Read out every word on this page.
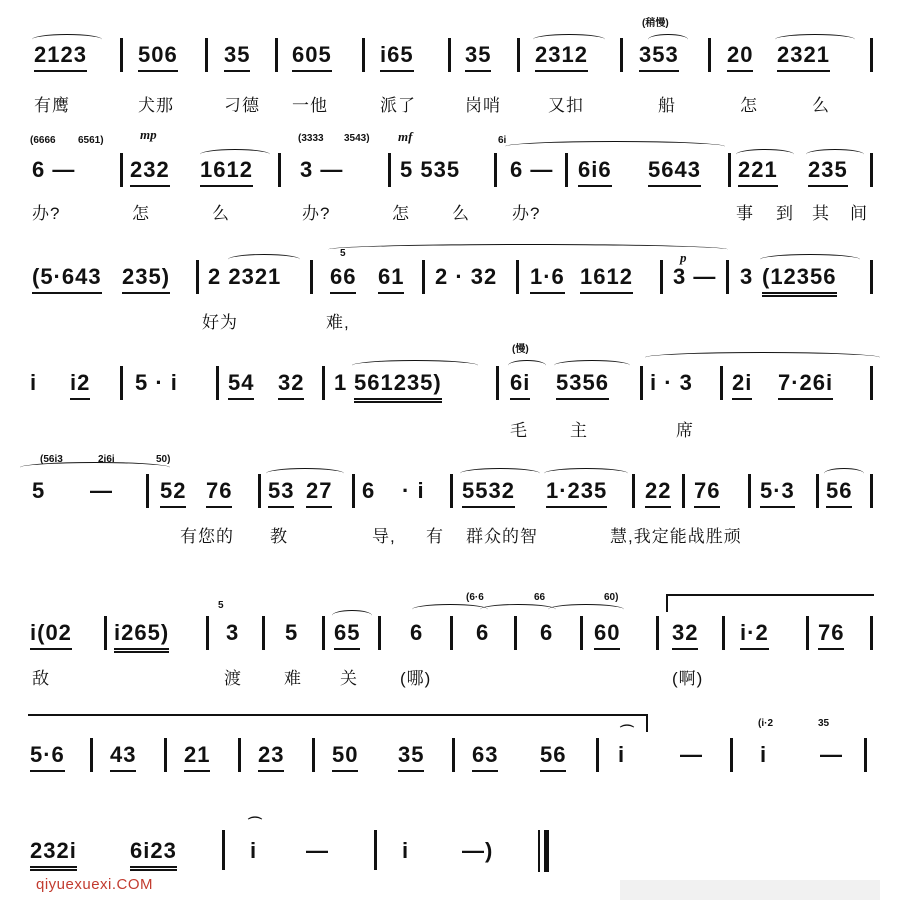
2123 506 35 605 i65 35 2312 353 20 2321
(稍慢)
有鹰	犬那	刁德 一他	派了	岗哨	又扣	船	怎	么
(6666 6561)
6 —
mp
232 1612
(3333 3543)
3 —
mf
5 535
6i
6 — 6i6 5643 221 235
办?	怎	么	办?	怎 么 办?	事 到 其 间
(5·643 235) 2 2321
5
66 61 2 · 32 1·6 1612
p
3 — 3 (12356
好为	难,
i i2 5 · i 54 32 1 561235)
(慢)
6i 5356 i · 3 2i 7·26i
毛 主	席
(56i3	2i6i	50)
5 — 52 76 53 27 6 · i 5532 1·235 22 76 5·3 56
有您的 教	导, 有 群众的智	慧,我定能战胜顽
i(02 i265)
5
3 5 65
(6·6	66	60)
6 6 6 60 32 i·2 76
敌	渡 难 关 (哪)	(啊)
5·6 43 21 23 50 35 63 56 i —
(i·2	35
i —
⌒
232i 6i23
⌒
i —	i —)
qiyuexuexi.COM
